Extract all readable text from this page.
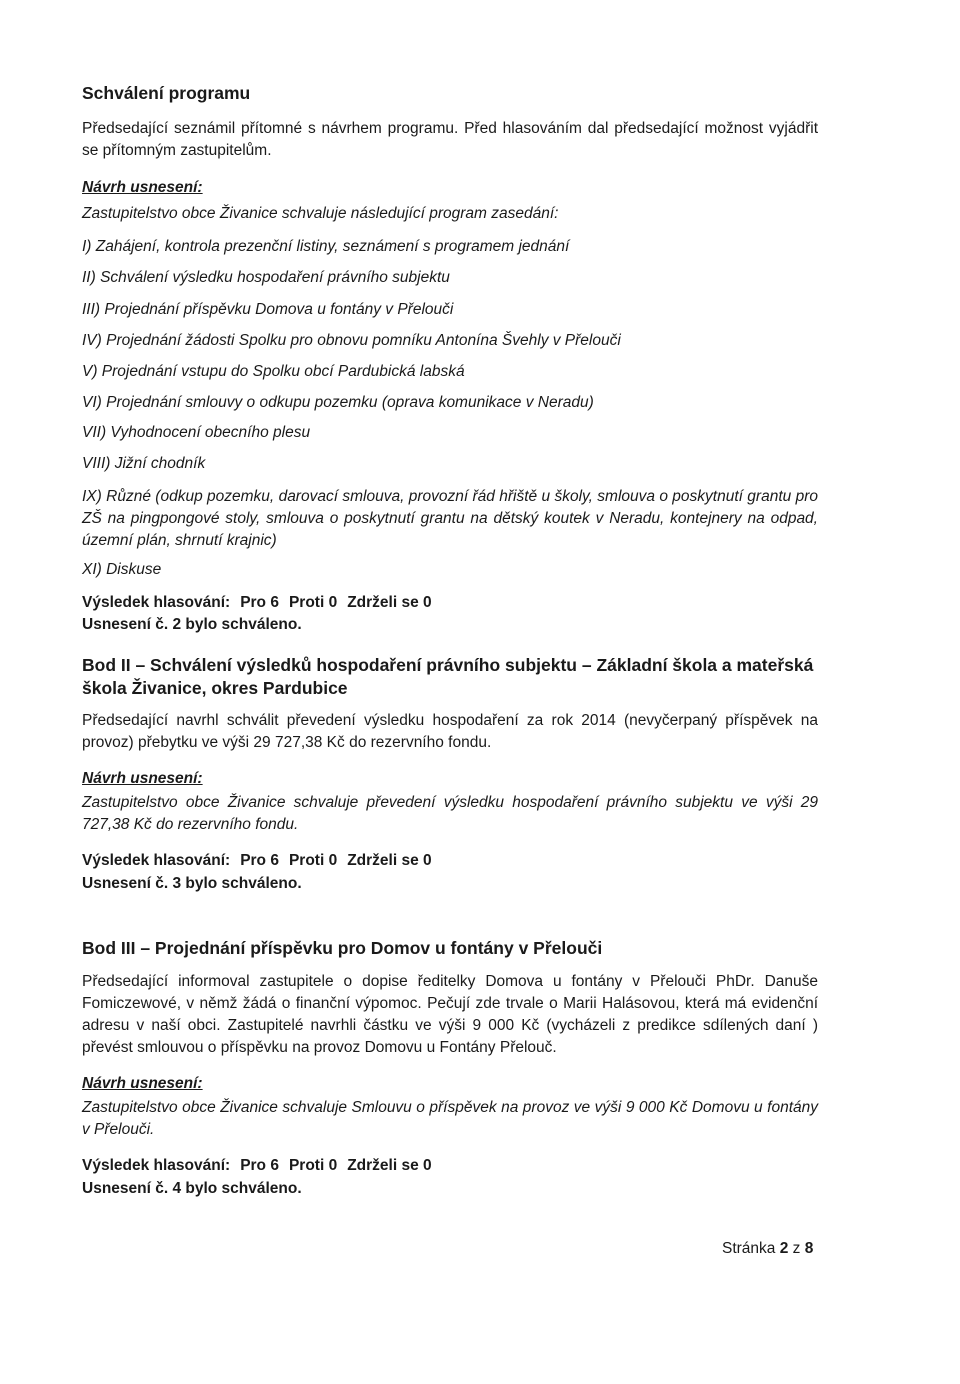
Schválení programu

Předsedající seznámil přítomné s návrhem programu. Před hlasováním dal předsedající možnost vyjádřit se přítomným zastupitelům.

Návrh usnesení:

Zastupitelstvo obce Živanice schvaluje následující program zasedání:

I) Zahájení, kontrola prezenční listiny, seznámení s programem jednání
II) Schválení výsledku hospodaření právního subjektu
III) Projednání příspěvku Domova u fontány v Přelouči
IV) Projednání žádosti Spolku pro obnovu pomníku Antonína Švehly v Přelouči
V) Projednání vstupu do Spolku obcí Pardubická labská
VI) Projednání smlouvy o odkupu pozemku (oprava komunikace v Neradu)
VII) Vyhodnocení obecního plesu
VIII) Jižní chodník
IX) Různé (odkup pozemku, darovací smlouva, provozní řád hřiště u školy, smlouva o poskytnutí grantu pro ZŠ na pingpongové stoly, smlouva o poskytnutí grantu na dětský koutek v Neradu, kontejnery na odpad, územní plán, shrnutí krajnic)
XI) Diskuse

Výsledek hlasování: Pro 6 Proti 0 Zdrželi se 0

Usnesení č. 2 bylo schváleno.

Bod II – Schválení výsledků hospodaření právního subjektu – Základní škola a mateřská
škola Živanice, okres Pardubice

Předsedající navrhl schválit převedení výsledku hospodaření za rok 2014 (nevyčerpaný příspěvek na provoz) přebytku ve výši 29 727,38 Kč do rezervního fondu.

Návrh usnesení:

Zastupitelstvo obce Živanice schvaluje převedení výsledku hospodaření právního subjektu ve výši 29 727,38 Kč do rezervního fondu.

Výsledek hlasování: Pro 6 Proti 0 Zdrželi se 0

Usnesení č. 3 bylo schváleno.

Bod III – Projednání příspěvku pro Domov u fontány v Přelouči

Předsedající informoval zastupitele o dopise ředitelky Domova u fontány v Přelouči PhDr. Danuše Fomiczewové, v němž žádá o finanční výpomoc. Pečují zde trvale o Marii Halásovou, která má evidenční adresu v naší obci. Zastupitelé navrhli částku ve výši 9 000 Kč (vycházeli z predikce sdílených daní ) převést smlouvou o příspěvku na provoz Domovu u Fontány Přelouč.

Návrh usnesení:

Zastupitelstvo obce Živanice schvaluje Smlouvu o příspěvek na provoz ve výši 9 000 Kč Domovu u fontány v Přelouči.

Výsledek hlasování: Pro 6 Proti 0 Zdrželi se 0

Usnesení č. 4 bylo schváleno.

Stránka 2 z 8
